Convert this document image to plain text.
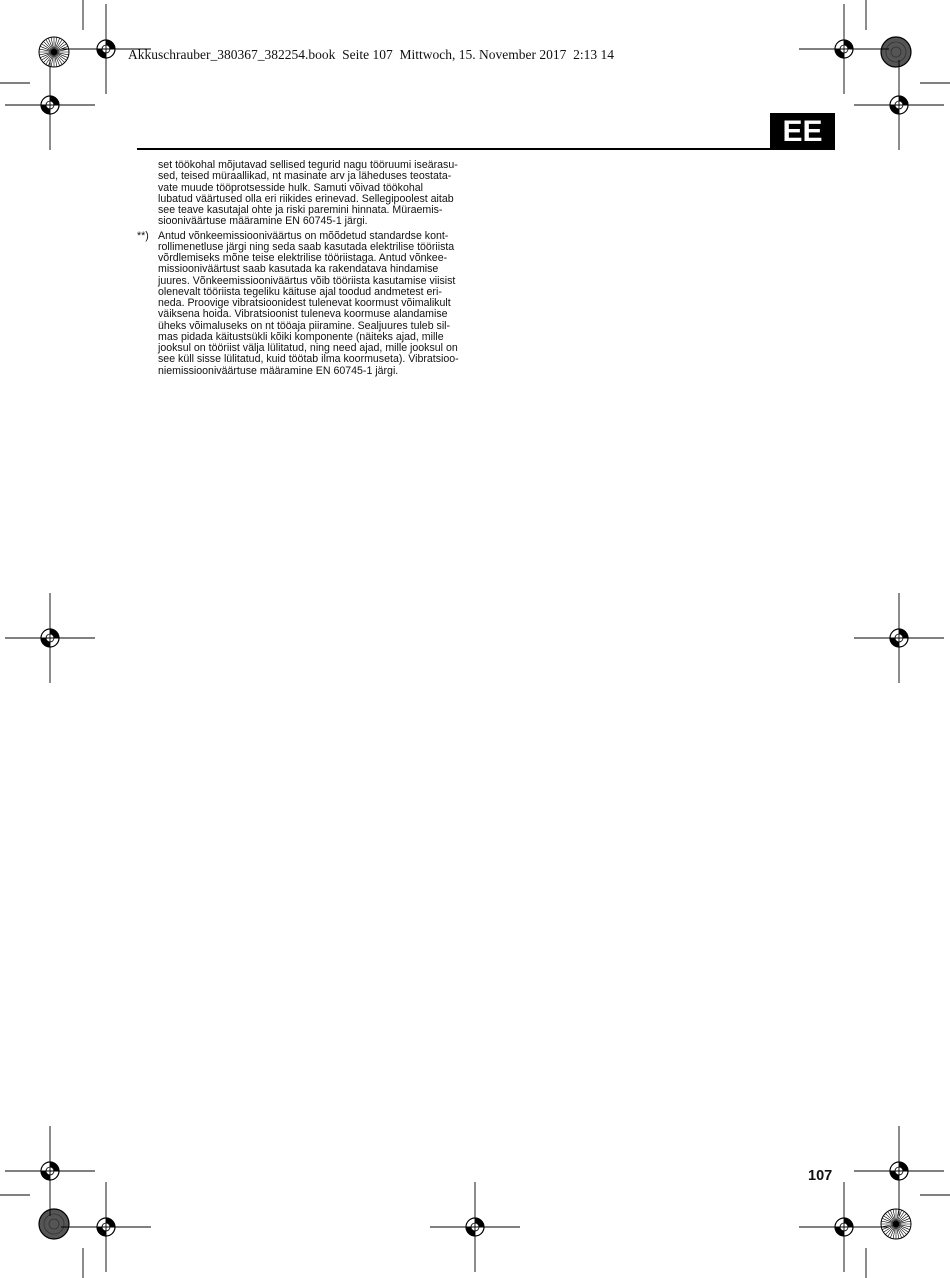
Akkuschrauber_380367_382254.book  Seite 107  Mittwoch, 15. November 2017  2:13 14
EE
set töökohal mõjutavad sellised tegurid nagu tööruumi iseärasu-
sed, teised müraallikad, nt masinate arv ja läheduses teostata-
vate muude tööprotsesside hulk. Samuti võivad töökohal
lubatud väärtused olla eri riikides erinevad. Sellegipoolest aitab
see teave kasutajal ohte ja riski paremini hinnata. Müraemis-
siooniväärtuse määramine EN 60745-1 järgi.
**) Antud võnkeemissiooniväärtus on mõõdetud standardse kont-
rollimenetluse järgi ning seda saab kasutada elektrilise tööriista
võrdlemiseks mõne teise elektrilise tööriistaga. Antud võnkee-
missiooniväärtust saab kasutada ka rakendatava hindamise
juures. Võnkeemissiooniväärtus võib tööriista kasutamise viisist
olenevalt tööriista tegeliku käituse ajal toodud andmetest eri-
neda. Proovige vibratsioonidest tulenevat koormust võimalikult
väiksena hoida. Vibratsioonist tuleneva koormuse alandamise
üheks võimaluseks on nt tööaja piiramine. Sealjuures tuleb sil-
mas pidada käitustsükli kõiki komponente (näiteks ajad, mille
jooksul on tööriist välja lülitatud, ning need ajad, mille jooksul on
see küll sisse lülitatud, kuid töötab ilma koormuseta). Vibratsioo-
niemissiooniväärtuse määramine EN 60745-1 järgi.
107
